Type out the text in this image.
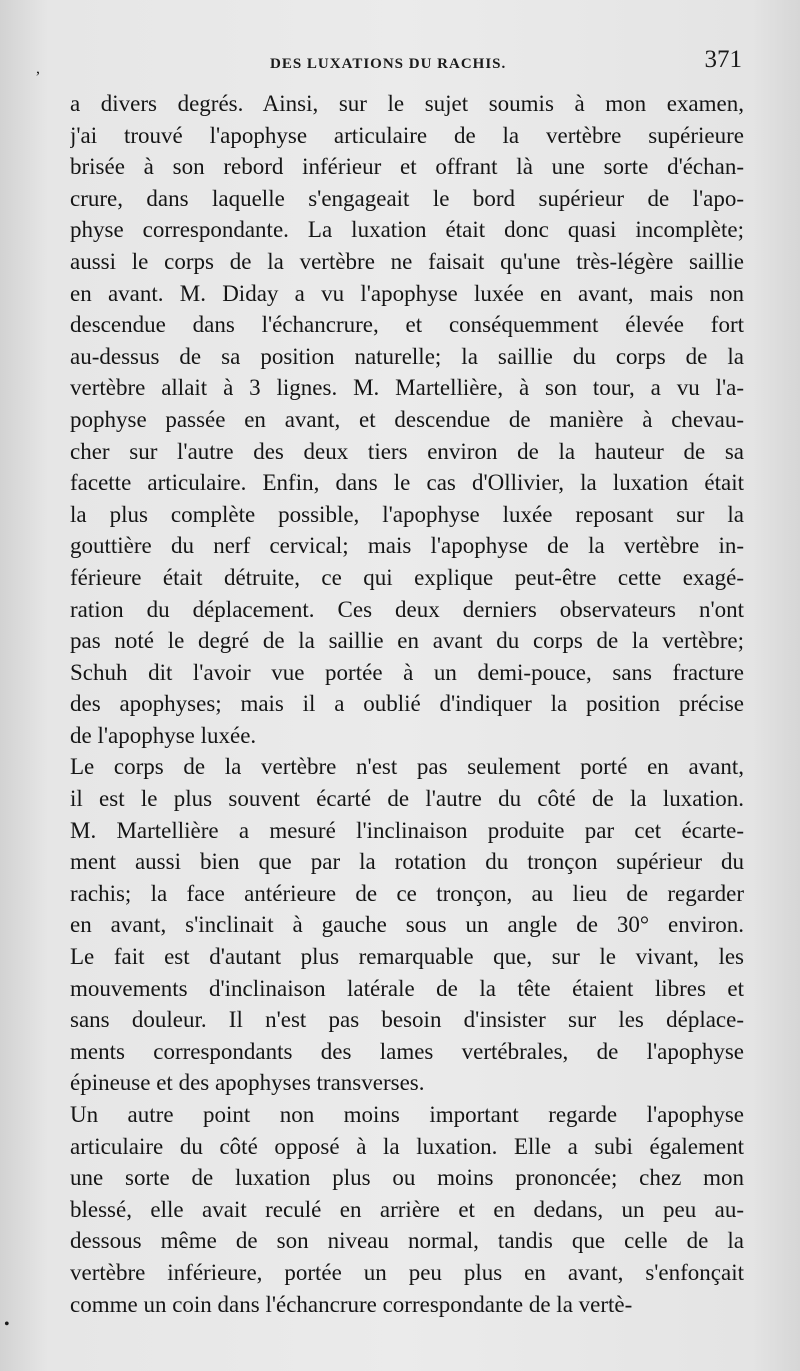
,
•
DES LUXATIONS DU RACHIS.	371
a divers degrés. Ainsi, sur le sujet soumis à mon examen,
j'ai trouvé l'apophyse articulaire de la vertèbre supérieure
brisée à son rebord inférieur et offrant là une sorte d'échan-
crure, dans laquelle s'engageait le bord supérieur de l'apo-
physe correspondante. La luxation était donc quasi incomplète;
aussi le corps de la vertèbre ne faisait qu'une très-légère saillie
en avant. M. Diday a vu l'apophyse luxée en avant, mais non
descendue dans l'échancrure, et conséquemment élevée fort
au-dessus de sa position naturelle; la saillie du corps de la
vertèbre allait à 3 lignes. M. Martellière, à son tour, a vu l'a-
pophyse passée en avant, et descendue de manière à chevau-
cher sur l'autre des deux tiers environ de la hauteur de sa
facette articulaire. Enfin, dans le cas d'Ollivier, la luxation était
la plus complète possible, l'apophyse luxée reposant sur la
gouttière du nerf cervical; mais l'apophyse de la vertèbre in-
férieure était détruite, ce qui explique peut-être cette exagé-
ration du déplacement. Ces deux derniers observateurs n'ont
pas noté le degré de la saillie en avant du corps de la vertèbre;
Schuh dit l'avoir vue portée à un demi-pouce, sans fracture
des apophyses; mais il a oublié d'indiquer la position précise
de l'apophyse luxée.
Le corps de la vertèbre n'est pas seulement porté en avant,
il est le plus souvent écarté de l'autre du côté de la luxation.
M. Martellière a mesuré l'inclinaison produite par cet écarte-
ment aussi bien que par la rotation du tronçon supérieur du
rachis; la face antérieure de ce tronçon, au lieu de regarder
en avant, s'inclinait à gauche sous un angle de 30° environ.
Le fait est d'autant plus remarquable que, sur le vivant, les
mouvements d'inclinaison latérale de la tête étaient libres et
sans douleur. Il n'est pas besoin d'insister sur les déplace-
ments correspondants des lames vertébrales, de l'apophyse
épineuse et des apophyses transverses.
Un autre point non moins important regarde l'apophyse
articulaire du côté opposé à la luxation. Elle a subi également
une sorte de luxation plus ou moins prononcée; chez mon
blessé, elle avait reculé en arrière et en dedans, un peu au-
dessous même de son niveau normal, tandis que celle de la
vertèbre inférieure, portée un peu plus en avant, s'enfonçait
comme un coin dans l'échancrure correspondante de la vertè-
